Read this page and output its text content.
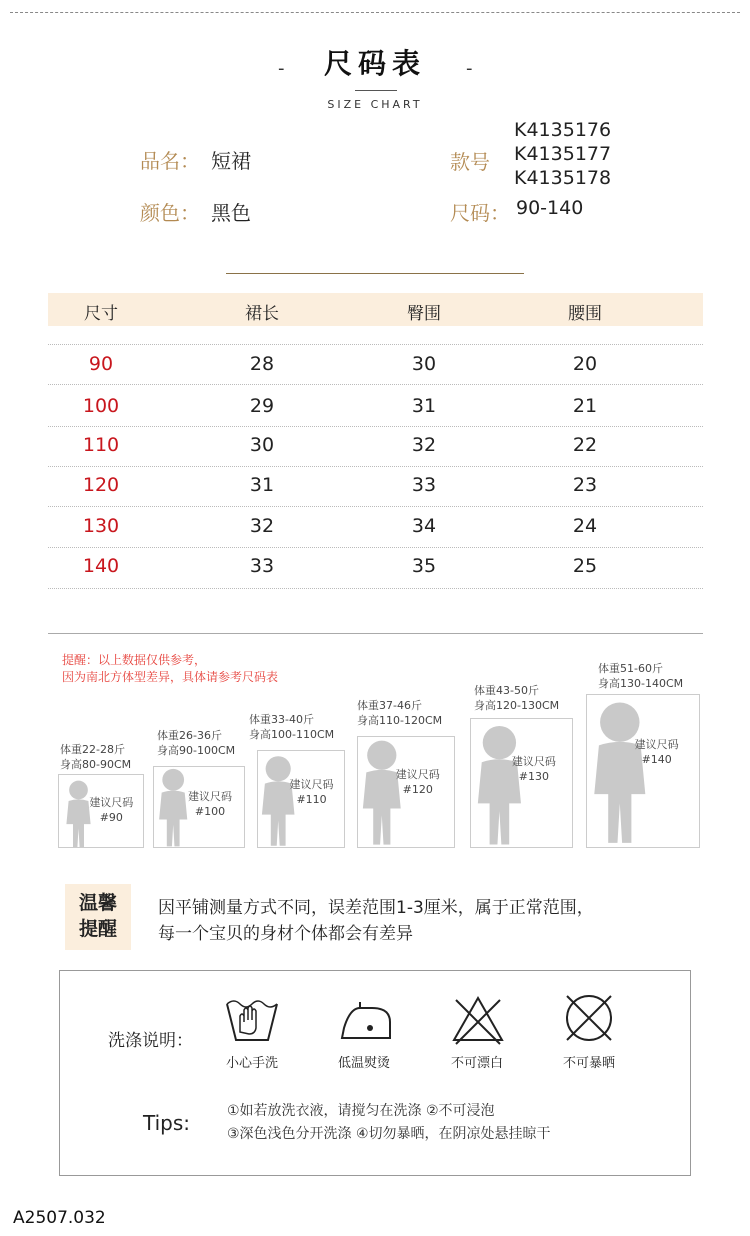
-	尺码表	-
SIZE CHART
品名： 短裙	款号
K4135176
K4135177
K4135178
颜色： 黑色	尺码： 90-140
尺寸	裙长	臀围	腰围
90	28	30	20
100	29	31	21
110	30	32	22
120	31	33	23
130	32	34	24
140	33	35	25
提醒：以上数据仅供参考，
因为南北方体型差异，具体请参考尺码表
体重22-28斤
身高80-90CM
建议尺码
#90
体重26-36斤
身高90-100CM
建议尺码
#100
体重33-40斤
身高100-110CM
建议尺码
#110
体重37-46斤
身高110-120CM
建议尺码
#120
体重43-50斤
身高120-130CM
建议尺码
#130
体重51-60斤
身高130-140CM
建议尺码
#140
温馨
提醒
因平铺测量方式不同，误差范围1-3厘米，属于正常范围，
每一个宝贝的身材个体都会有差异
洗涤说明：
小心手洗	低温熨烫	不可漂白	不可暴晒
Tips:	①如若放洗衣液，请搅匀在洗涤 ②不可浸泡
③深色浅色分开洗涤 ④切勿暴晒，在阴凉处悬挂晾干
A2507.032
